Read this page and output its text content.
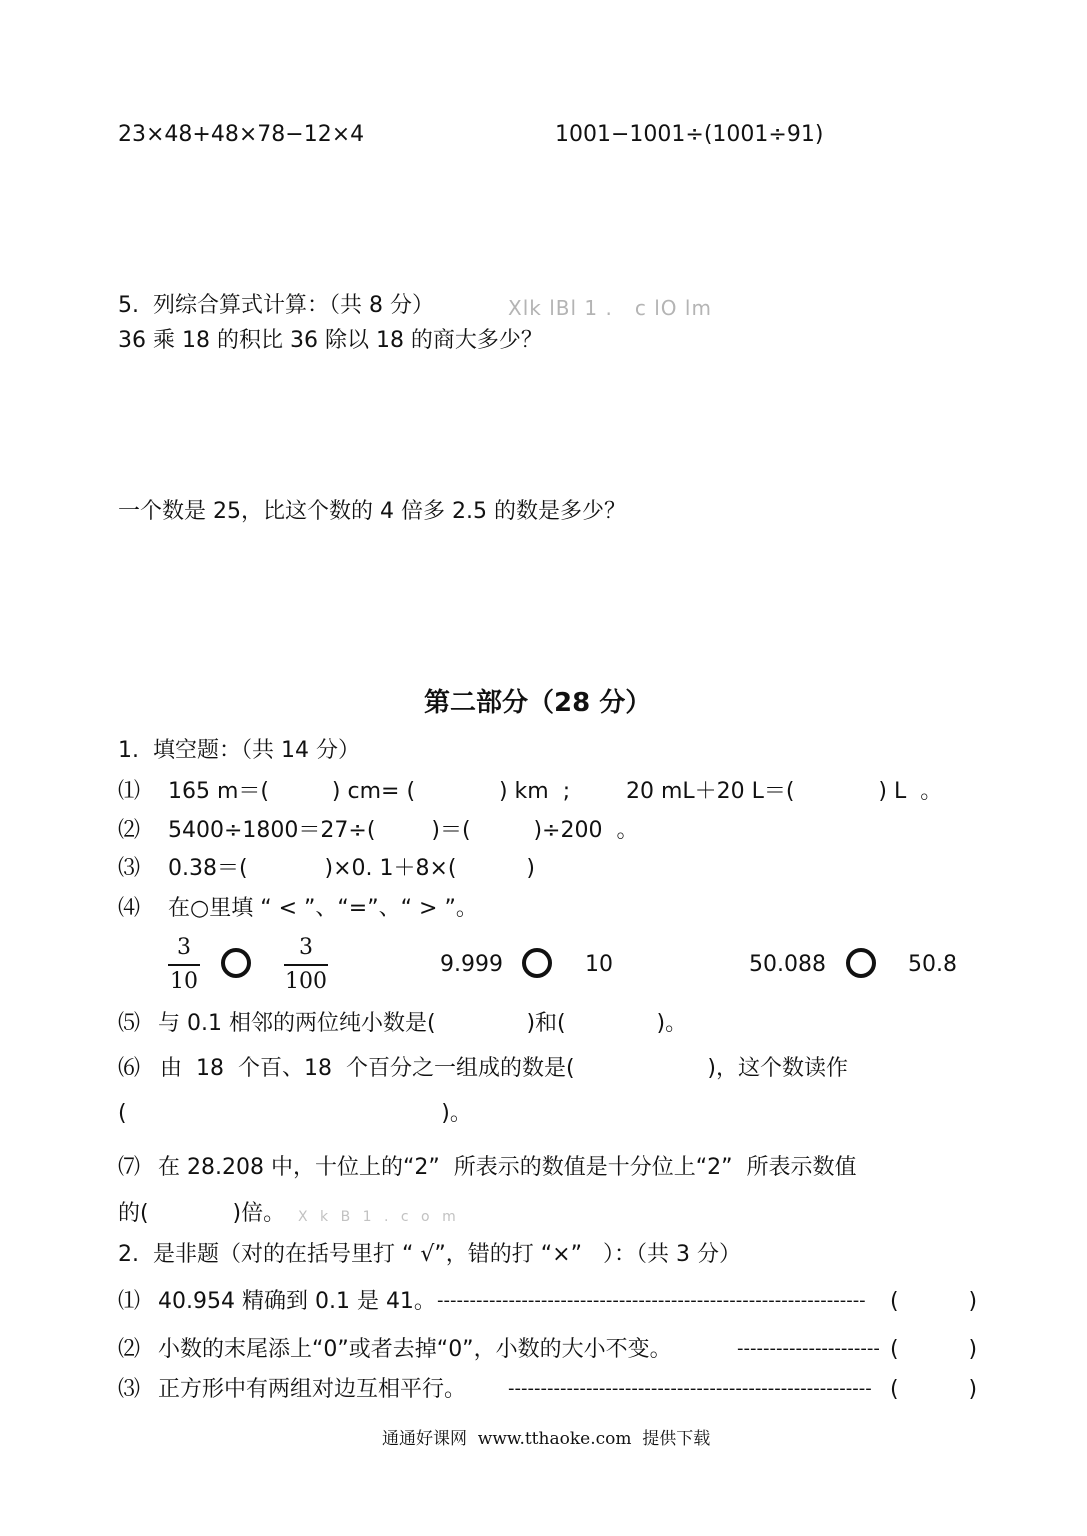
23×48+48×78−12×4	1001−1001÷(1001÷91)
5.  列综合算式计算：（共 8 分）	Xlk lBl 1 .   c lO lm
36 乘 18 的积比 36 除以 18 的商大多少？
一个数是 25，比这个数的 4 倍多 2.5 的数是多少？
第二部分（28 分）
1.  填空题：（共 14 分）
⑴ 165 m＝(         ) cm= (            ) km  ;	20 mL＋20 L＝(            ) L  。
⑵ 5400÷1800＝27÷(        )＝(         )÷200  。
⑶ 0.38＝(           )×0. 1＋8×(          )
⑷ 在○里填 “ < ”、“=”、“ > ”。
3
10
3
100
9.999	10	50.088	50.8
⑸ 与 0.1 相邻的两位纯小数是(             )和(             )。
⑹ 由  18  个百、18  个百分之一组成的数是(                   )，这个数读作
(                                             )。
⑺ 在 28.208 中，十位上的“2”  所表示的数值是十分位上“2”  所表示数值
的(            )倍。 X k B 1 . c o m
2.  是非题（对的在括号里打 “ √”，错的打 “×”   ）：（共 3 分）
⑴ 40.954 精确到 0.1 是 41。 ------------------------------------------------------------------	(          )
⑵ 小数的末尾添上“0”或者去掉“0”，小数的大小不变。	---------------------- (          )
⑶ 正方形中有两组对边互相平行。 -------------------------------------------------------- (          )
通通好课网  www.tthaoke.com  提供下载
